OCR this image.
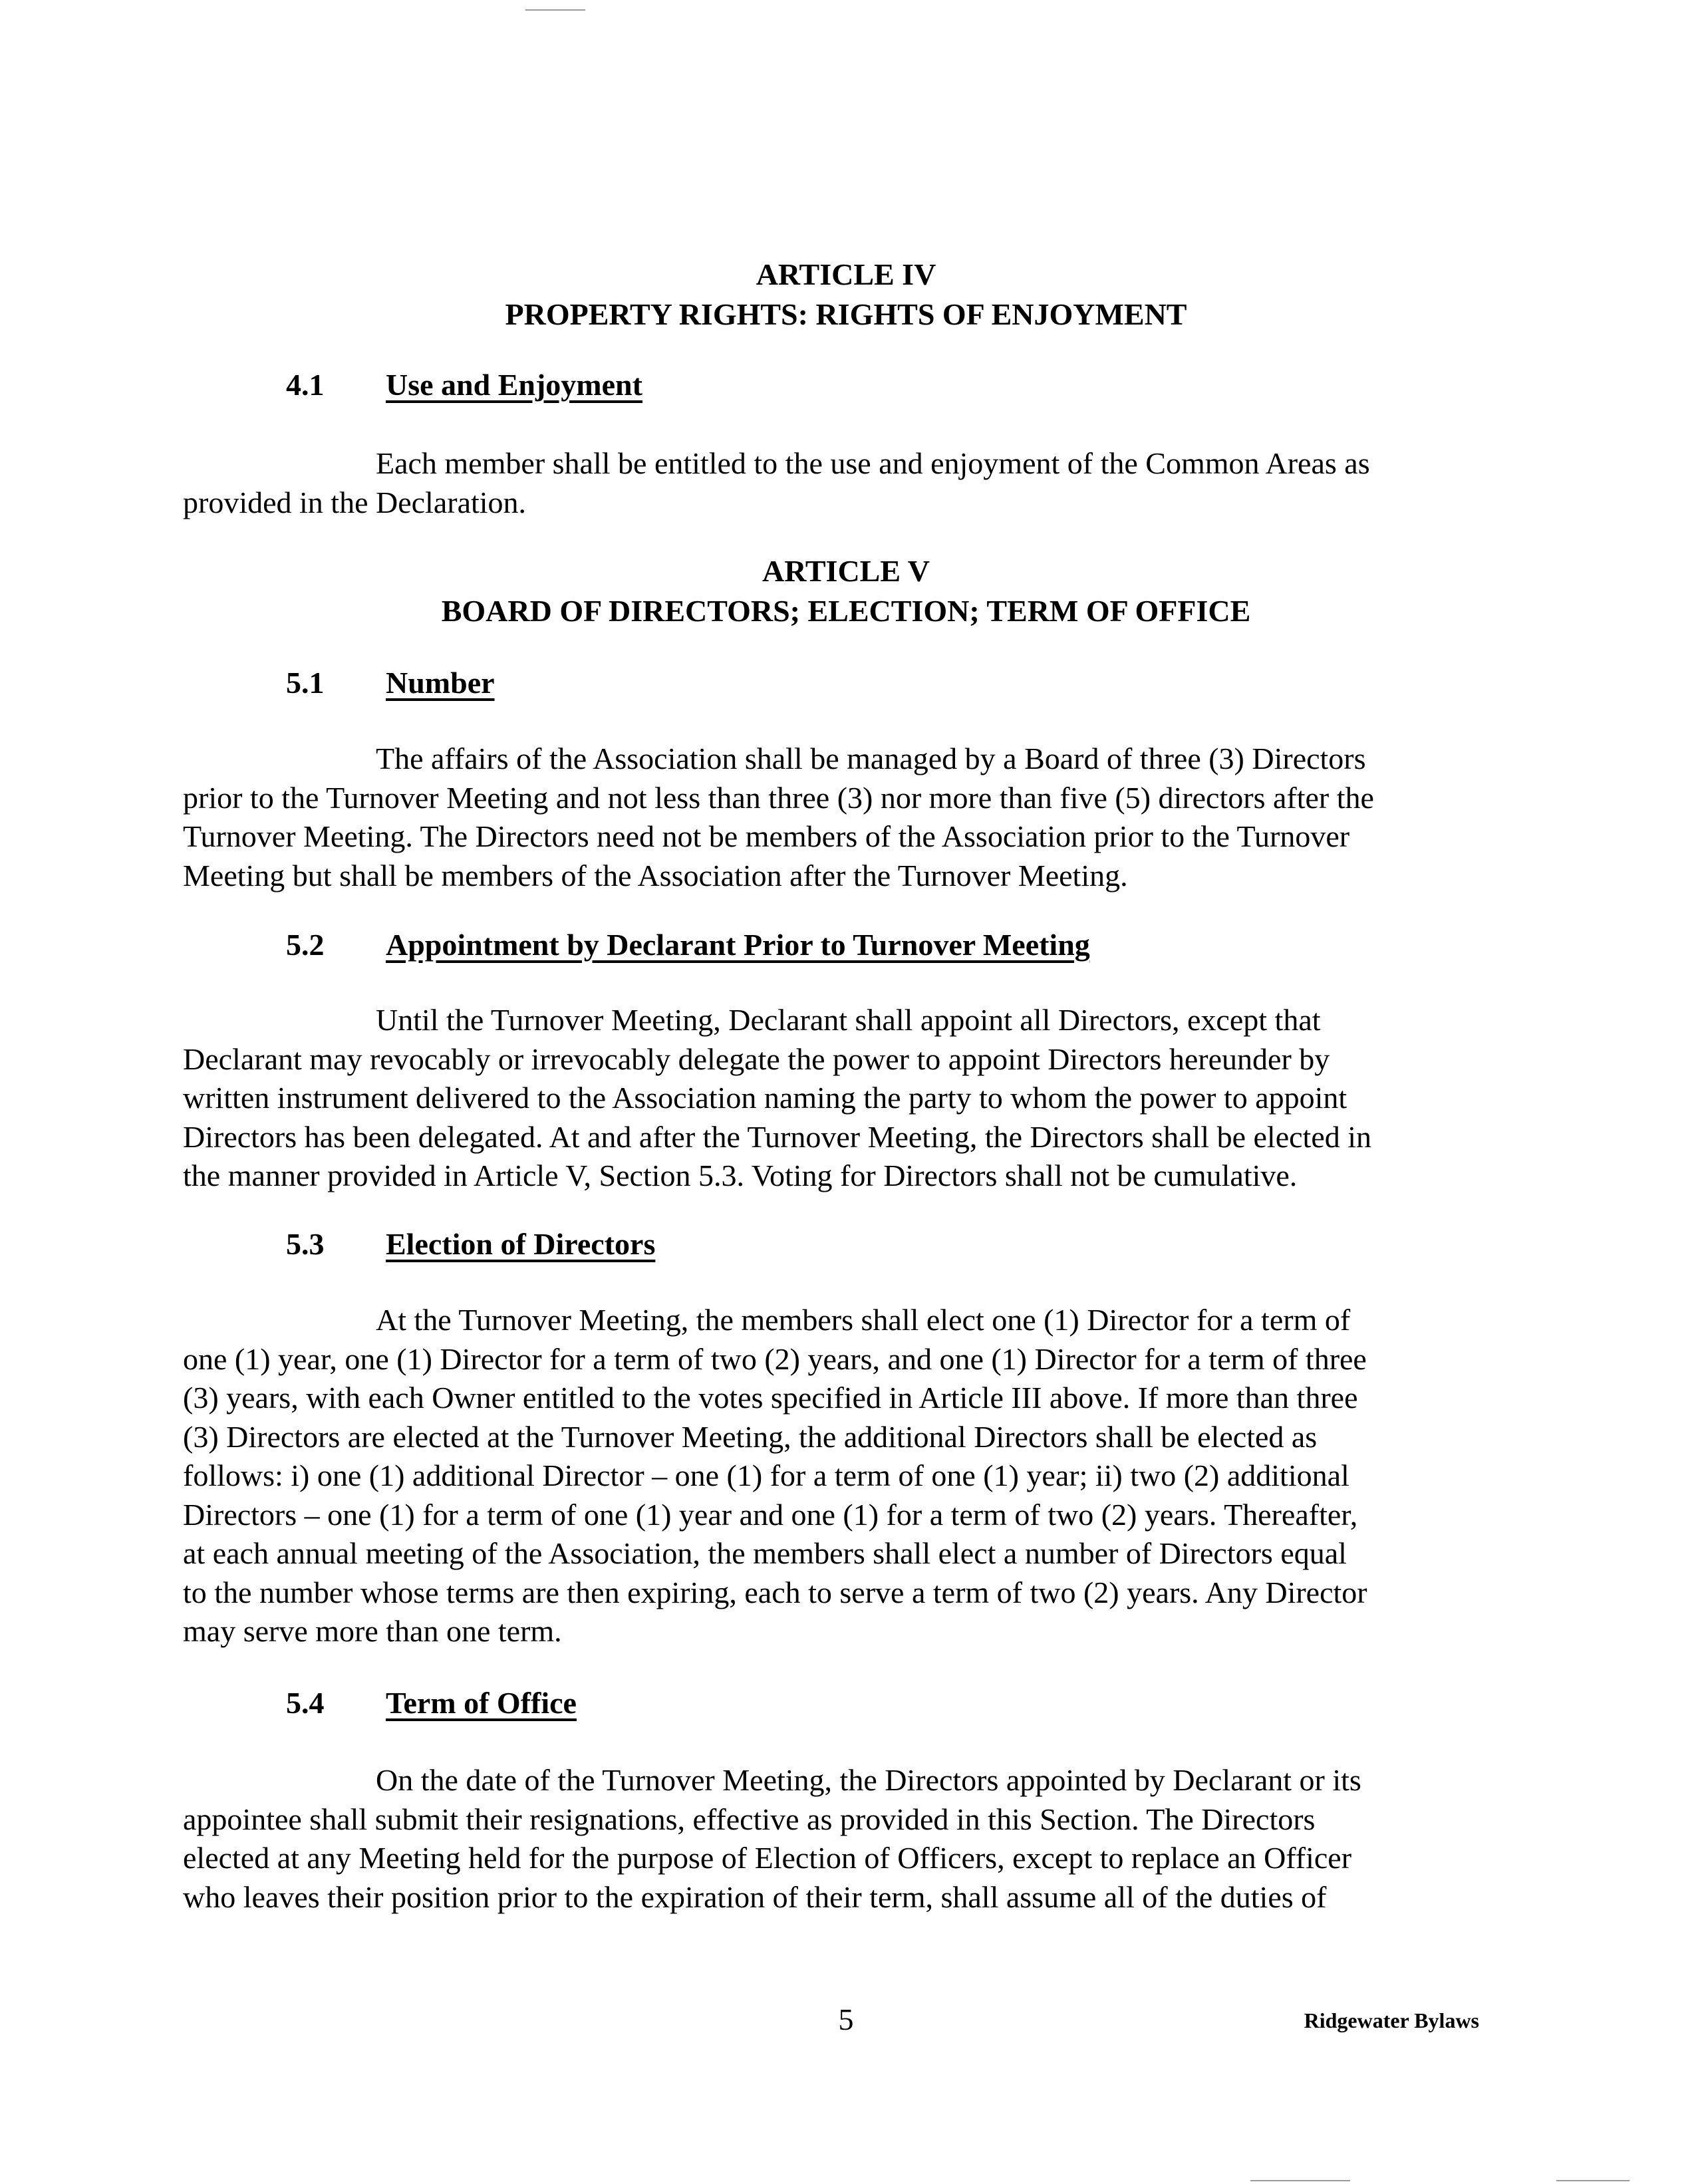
ARTICLE IV
PROPERTY RIGHTS: RIGHTS OF ENJOYMENT
4.1 Use and Enjoyment
Each member shall be entitled to the use and enjoyment of the Common Areas as
provided in the Declaration.
ARTICLE V
BOARD OF DIRECTORS; ELECTION; TERM OF OFFICE
5.1 Number
The affairs of the Association shall be managed by a Board of three (3) Directors
prior to the Turnover Meeting and not less than three (3) nor more than five (5) directors after the
Turnover Meeting. The Directors need not be members of the Association prior to the Turnover
Meeting but shall be members of the Association after the Turnover Meeting.
5.2 Appointment by Declarant Prior to Turnover Meeting
Until the Turnover Meeting, Declarant shall appoint all Directors, except that
Declarant may revocably or irrevocably delegate the power to appoint Directors hereunder by
written instrument delivered to the Association naming the party to whom the power to appoint
Directors has been delegated. At and after the Turnover Meeting, the Directors shall be elected in
the manner provided in Article V, Section 5.3. Voting for Directors shall not be cumulative.
5.3 Election of Directors
At the Turnover Meeting, the members shall elect one (1) Director for a term of
one (1) year, one (1) Director for a term of two (2) years, and one (1) Director for a term of three
(3) years, with each Owner entitled to the votes specified in Article III above. If more than three
(3) Directors are elected at the Turnover Meeting, the additional Directors shall be elected as
follows: i) one (1) additional Director – one (1) for a term of one (1) year; ii) two (2) additional
Directors – one (1) for a term of one (1) year and one (1) for a term of two (2) years. Thereafter,
at each annual meeting of the Association, the members shall elect a number of Directors equal
to the number whose terms are then expiring, each to serve a term of two (2) years. Any Director
may serve more than one term.
5.4 Term of Office
On the date of the Turnover Meeting, the Directors appointed by Declarant or its
appointee shall submit their resignations, effective as provided in this Section. The Directors
elected at any Meeting held for the purpose of Election of Officers, except to replace an Officer
who leaves their position prior to the expiration of their term, shall assume all of the duties of
5	Ridgewater Bylaws
